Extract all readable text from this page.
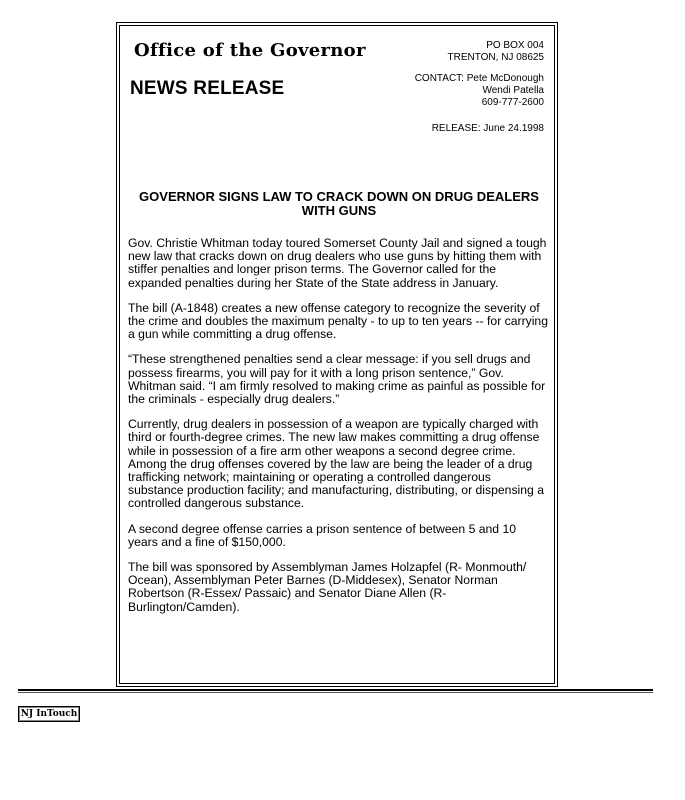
Office of the Governor	PO BOX 004
TRENTON, NJ 08625
NEWS RELEASE	CONTACT: Pete McDonough
Wendi Patella
609-777-2600
RELEASE: June 24.1998
GOVERNOR SIGNS LAW TO CRACK DOWN ON DRUG DEALERS WITH GUNS

Gov. Christie Whitman today toured Somerset County Jail and signed a tough new law that cracks down on drug dealers who use guns by hitting them with stiffer penalties and longer prison terms. The Governor called for the expanded penalties during her State of the State address in January.

The bill (A-1848) creates a new offense category to recognize the severity of the crime and doubles the maximum penalty - to up to ten years -- for carrying a gun while committing a drug offense.

“These strengthened penalties send a clear message: if you sell drugs and possess firearms, you will pay for it with a long prison sentence,” Gov. Whitman said. “I am firmly resolved to making crime as painful as possible for the criminals - especially drug dealers.”

Currently, drug dealers in possession of a weapon are typically charged with third or fourth-degree crimes. The new law makes committing a drug offense while in possession of a fire arm other weapons a second degree crime. Among the drug offenses covered by the law are being the leader of a drug trafficking network; maintaining or operating a controlled dangerous substance production facility; and manufacturing, distributing, or dispensing a controlled dangerous substance.

A second degree offense carries a prison sentence of between 5 and 10 years and a fine of $150,000.

The bill was sponsored by Assemblyman James Holzapfel (R- Monmouth/ Ocean), Assemblyman Peter Barnes (D-Middesex), Senator Norman Robertson (R-Essex/ Passaic) and Senator Diane Allen (R- Burlington/Camden).

NJ InTouch
